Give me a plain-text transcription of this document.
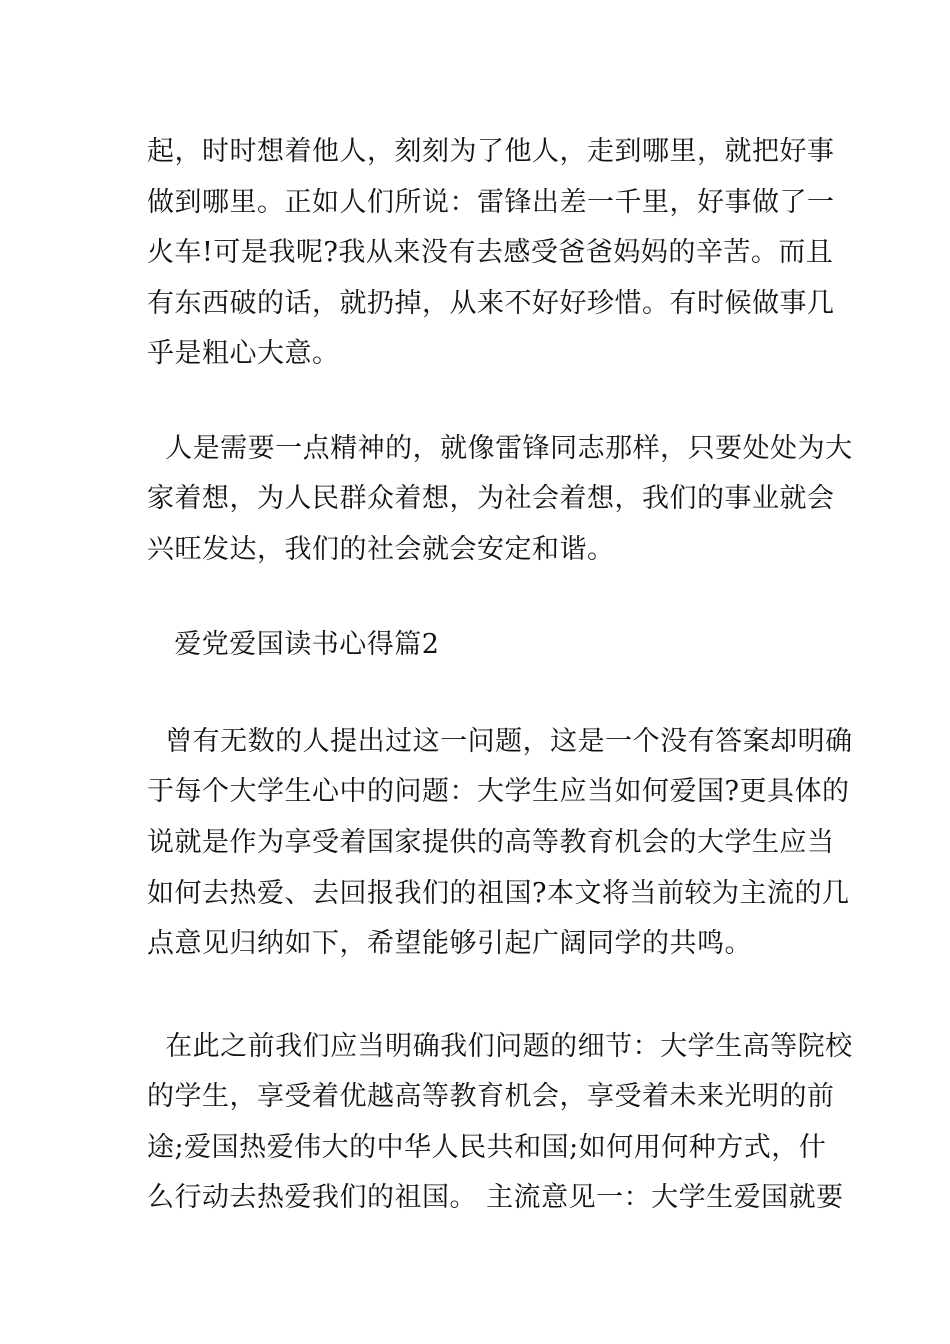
起，时时想着他人，刻刻为了他人，走到哪里，就把好事
做到哪里。正如人们所说：雷锋出差一千里，好事做了一
火车!可是我呢?我从来没有去感受爸爸妈妈的辛苦。而且
有东西破的话，就扔掉，从来不好好珍惜。有时候做事几
乎是粗心大意。
人是需要一点精神的，就像雷锋同志那样，只要处处为大
家着想，为人民群众着想，为社会着想，我们的事业就会
兴旺发达，我们的社会就会安定和谐。
爱党爱国读书心得篇2
曾有无数的人提出过这一问题，这是一个没有答案却明确
于每个大学生心中的问题：大学生应当如何爱国?更具体的
说就是作为享受着国家提供的高等教育机会的大学生应当
如何去热爱、去回报我们的祖国?本文将当前较为主流的几
点意见归纳如下，希望能够引起广阔同学的共鸣。
在此之前我们应当明确我们问题的细节：大学生高等院校
的学生，享受着优越高等教育机会，享受着未来光明的前
途;爱国热爱伟大的中华人民共和国;如何用何种方式，什
么行动去热爱我们的祖国。 主流意见一：大学生爱国就要
